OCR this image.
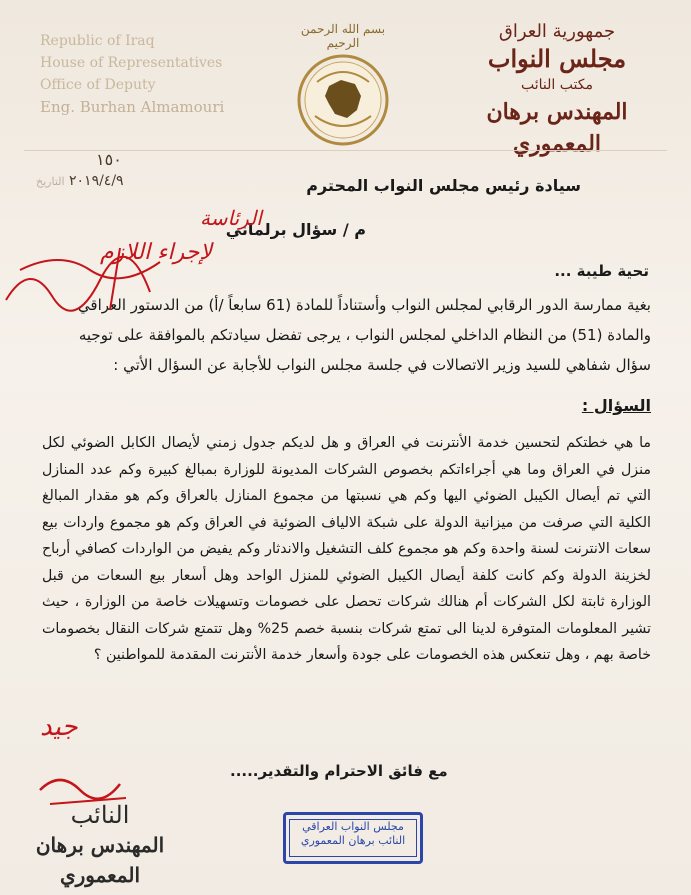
Republic of Iraq
House of Representatives
Office of Deputy
Eng. Burhan Almamouri
بسم الله الرحمن الرحيم
جمهورية العراق
مجلس النواب
مكتب النائب
المهندس برهان المعموري
١٥٠
٢٠١٩/٤/٩ التاريخ	سيادة رئيس مجلس النواب المحترم
م / سؤال برلماني
تحية طيبة ...
بغية ممارسة الدور الرقابي لمجلس النواب وأستناداً للمادة (61 سابعاً /أ) من الدستور العراقي
والمادة (51) من النظام الداخلي لمجلس النواب ، يرجى تفضل سيادتكم بالموافقة على توجيه
سؤال شفاهي للسيد وزير الاتصالات في جلسة مجلس النواب للأجابة عن السؤال الأتي :
السؤال :
ما هي خطتكم لتحسين خدمة الأنترنت في العراق و هل لديكم جدول زمني لأيصال الكابل الضوئي لكل منزل في العراق وما هي أجراءاتكم بخصوص الشركات المديونة للوزارة بمبالغ كبيرة وكم عدد المنازل التي تم أيصال الكيبل الضوئي اليها وكم هي نسبتها من مجموع المنازل بالعراق وكم هو مقدار المبالغ الكلية التي صرفت من ميزانية الدولة على شبكة الالياف الضوئية في العراق وكم هو مجموع واردات بيع سعات الانترنت لسنة واحدة وكم هو مجموع كلف التشغيل والاندثار وكم يفيض من الواردات كصافي أرباح لخزينة الدولة وكم كانت كلفة أيصال الكيبل الضوئي للمنزل الواحد وهل أسعار بيع السعات من قبل الوزارة ثابتة لكل الشركات أم هنالك شركات تحصل على خصومات وتسهيلات خاصة من الوزارة ، حيث تشير المعلومات المتوفرة لدينا الى تمتع شركات بنسبة خصم 25% وهل تتمتع شركات النقال بخصومات خاصة بهم ، وهل تنعكس هذه الخصومات على جودة وأسعار خدمة الأنترنت المقدمة للمواطنين ؟
مع فائق الاحترام والتقدير.....
الرئاسة
لإجراء اللازم
جيد
النائب
المهندس برهان المعموري
مجلس النواب العراقي
النائب برهان المعموري
